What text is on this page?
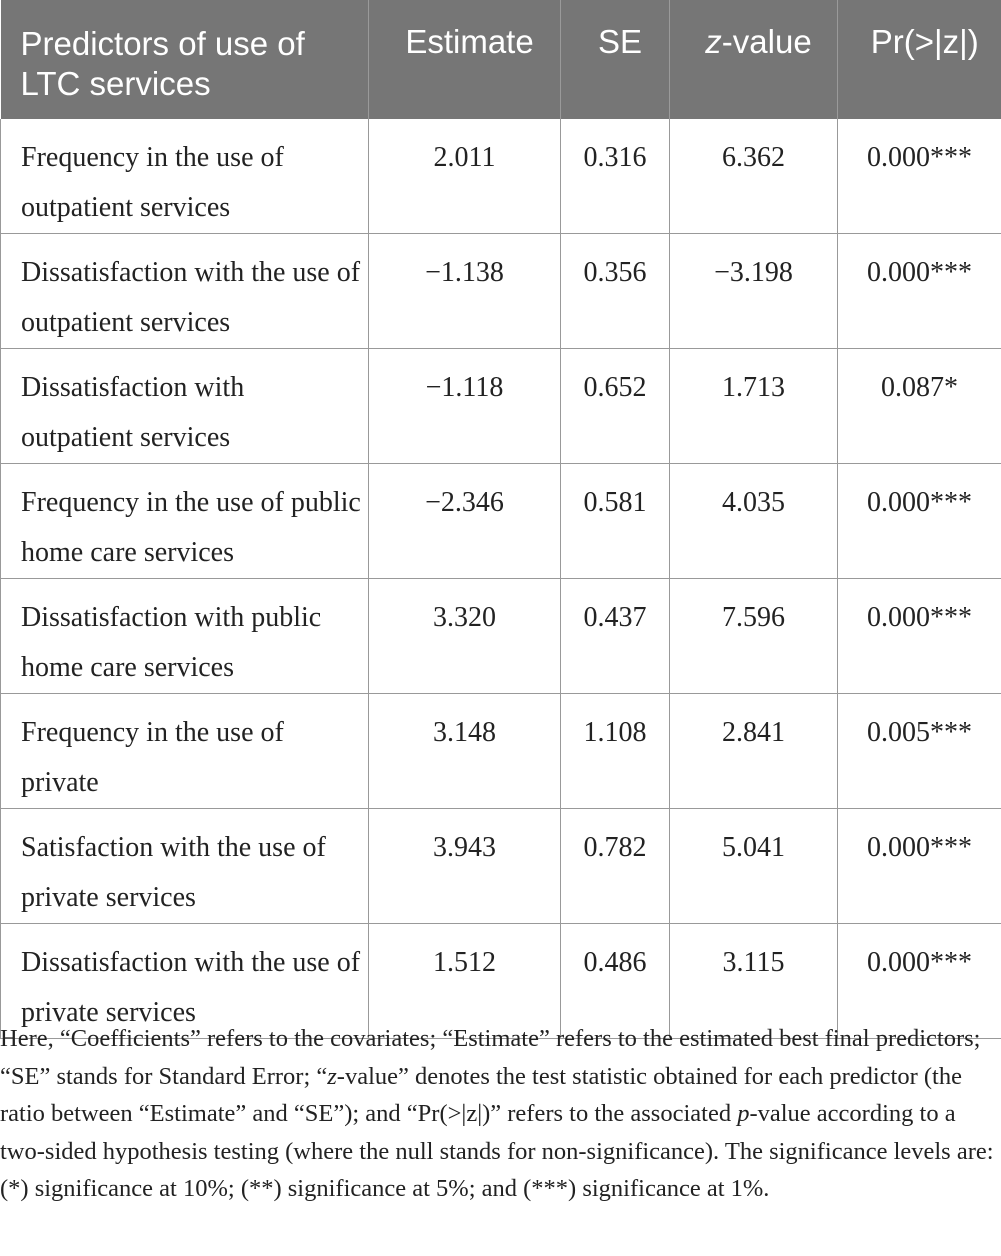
Predictors of use of LTC services	Estimate	SE	z-value	Pr(>|z|)

Frequency in the use of outpatient services	2.011	0.316	6.362	0.000***
Dissatisfaction with the use of outpatient services	−1.138	0.356	−3.198	0.000***
Dissatisfaction with outpatient services	−1.118	0.652	1.713	0.087*
Frequency in the use of public home care services	−2.346	0.581	4.035	0.000***
Dissatisfaction with public home care services	3.320	0.437	7.596	0.000***
Frequency in the use of private	3.148	1.108	2.841	0.005***
Satisfaction with the use of private services	3.943	0.782	5.041	0.000***
Dissatisfaction with the use of private services	1.512	0.486	3.115	0.000***

Here, “Coefficients” refers to the covariates; “Estimate” refers to the estimated best final predictors; “SE” stands for Standard Error; “z-value” denotes the test statistic obtained for each predictor (the ratio between “Estimate” and “SE”); and “Pr(>|z|)” refers to the associated p-value according to a two-sided hypothesis testing (where the null stands for non-significance). The significance levels are: (*) significance at 10%; (**) significance at 5%; and (***) significance at 1%.
